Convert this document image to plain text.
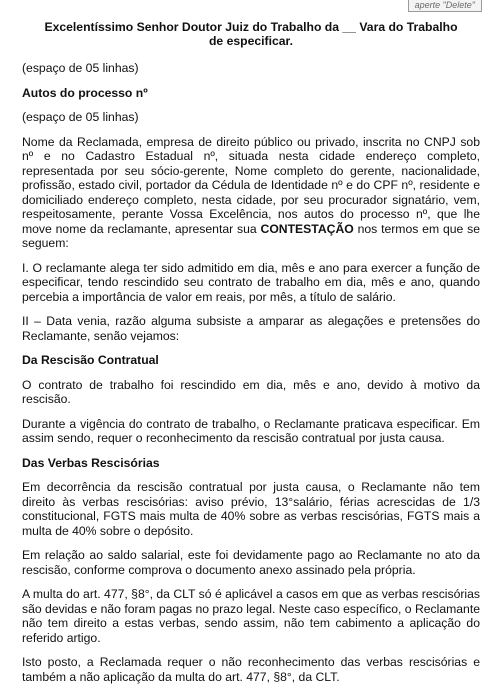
aperte "Delete"
Excelentíssimo Senhor Doutor Juiz do Trabalho da __ Vara do Trabalho
de especificar.

(espaço de 05 linhas)

Autos do processo nº

(espaço de 05 linhas)

Nome da Reclamada, empresa de direito público ou privado, inscrita no CNPJ sob nº e no Cadastro Estadual nº, situada nesta cidade endereço completo, representada por seu sócio-gerente, Nome completo do gerente, nacionalidade, profissão, estado civil, portador da Cédula de Identidade nº e do CPF nº, residente e domiciliado endereço completo, nesta cidade, por seu procurador signatário, vem, respeitosamente, perante Vossa Excelência, nos autos do processo nº, que lhe move nome da reclamante, apresentar sua CONTESTAÇÃO nos termos em que se seguem:

I. O reclamante alega ter sido admitido em dia, mês e ano para exercer a função de especificar, tendo rescindido seu contrato de trabalho em dia, mês e ano, quando percebia a importância de valor em reais, por mês, a título de salário.

II – Data venia, razão alguma subsiste a amparar as alegações e pretensões do Reclamante, senão vejamos:

Da Rescisão Contratual

O contrato de trabalho foi rescindido em dia, mês e ano, devido à motivo da rescisão.

Durante a vigência do contrato de trabalho, o Reclamante praticava especificar. Em assim sendo, requer o reconhecimento da rescisão contratual por justa causa.

Das Verbas Rescisórias

Em decorrência da rescisão contratual por justa causa, o Reclamante não tem direito às verbas rescisórias: aviso prévio, 13°salário, férias acrescidas de 1/3 constitucional, FGTS mais multa de 40% sobre as verbas rescisórias, FGTS mais a multa de 40% sobre o depósito.

Em relação ao saldo salarial, este foi devidamente pago ao Reclamante no ato da rescisão, conforme comprova o documento anexo assinado pela própria.

A multa do art. 477, §8°, da CLT só é aplicável a casos em que as verbas rescisórias são devidas e não foram pagas no prazo legal. Neste caso específico, o Reclamante não tem direito a estas verbas, sendo assim, não tem cabimento a aplicação do referido artigo.

Isto posto, a Reclamada requer o não reconhecimento das verbas rescisórias e também a não aplicação da multa do art. 477, §8°, da CLT.
